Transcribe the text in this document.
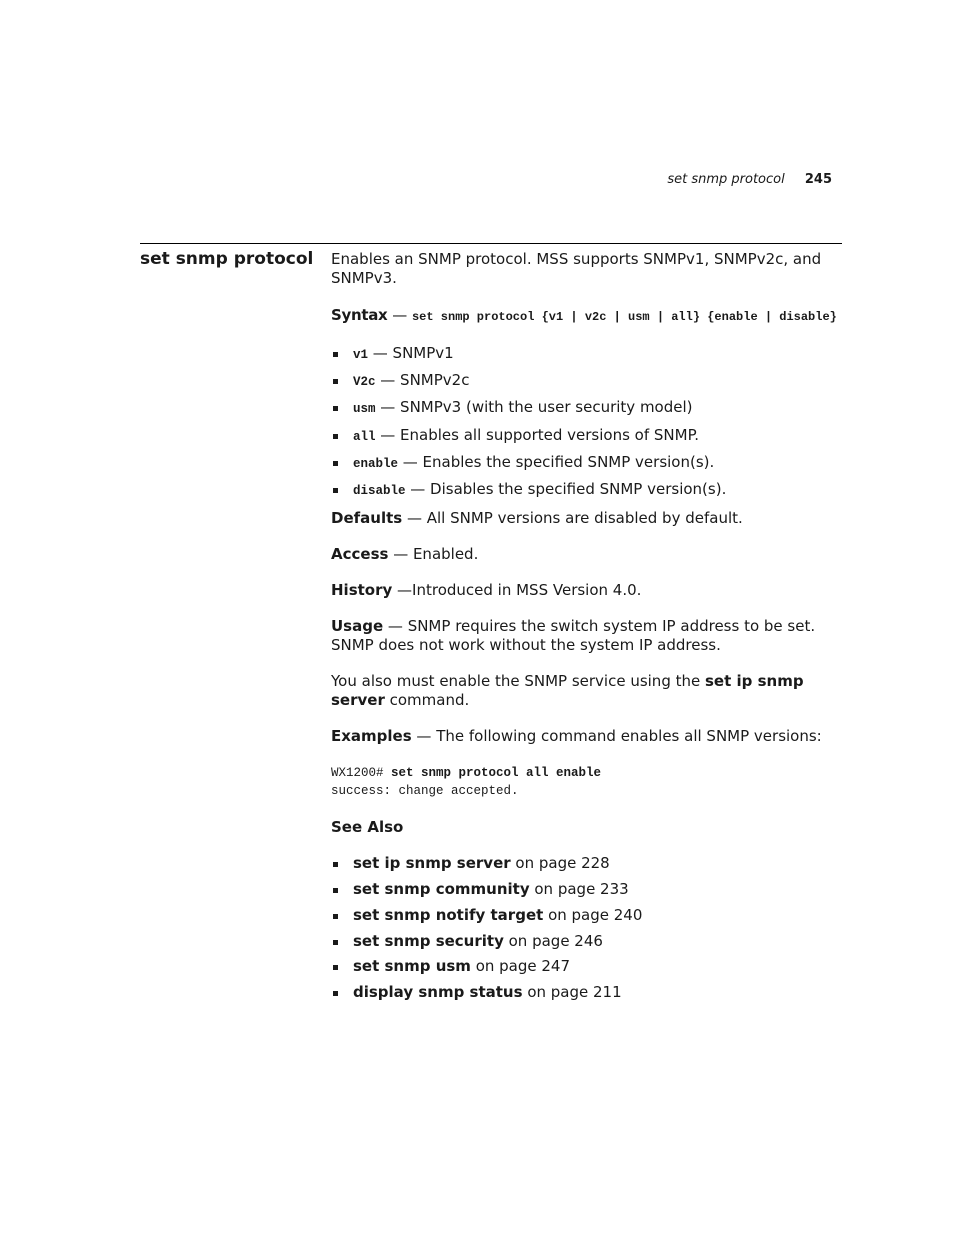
set snmp protocol 245
set snmp protocol Enables an SNMP protocol. MSS supports SNMPv1, SNMPv2c, and SNMPv3.

Syntax — set snmp protocol {v1 | v2c | usm | all} {enable | disable}

v1 — SNMPv1
V2c — SNMPv2c
usm — SNMPv3 (with the user security model)
all — Enables all supported versions of SNMP.
enable — Enables the specified SNMP version(s).
disable — Disables the specified SNMP version(s).

Defaults — All SNMP versions are disabled by default.

Access — Enabled.

History —Introduced in MSS Version 4.0.

Usage — SNMP requires the switch system IP address to be set. SNMP does not work without the system IP address.

You also must enable the SNMP service using the set ip snmp server command.

Examples — The following command enables all SNMP versions:

WX1200# set snmp protocol all enable
success: change accepted.

See Also

set ip snmp server on page 228
set snmp community on page 233
set snmp notify target on page 240
set snmp security on page 246
set snmp usm on page 247
display snmp status on page 211
